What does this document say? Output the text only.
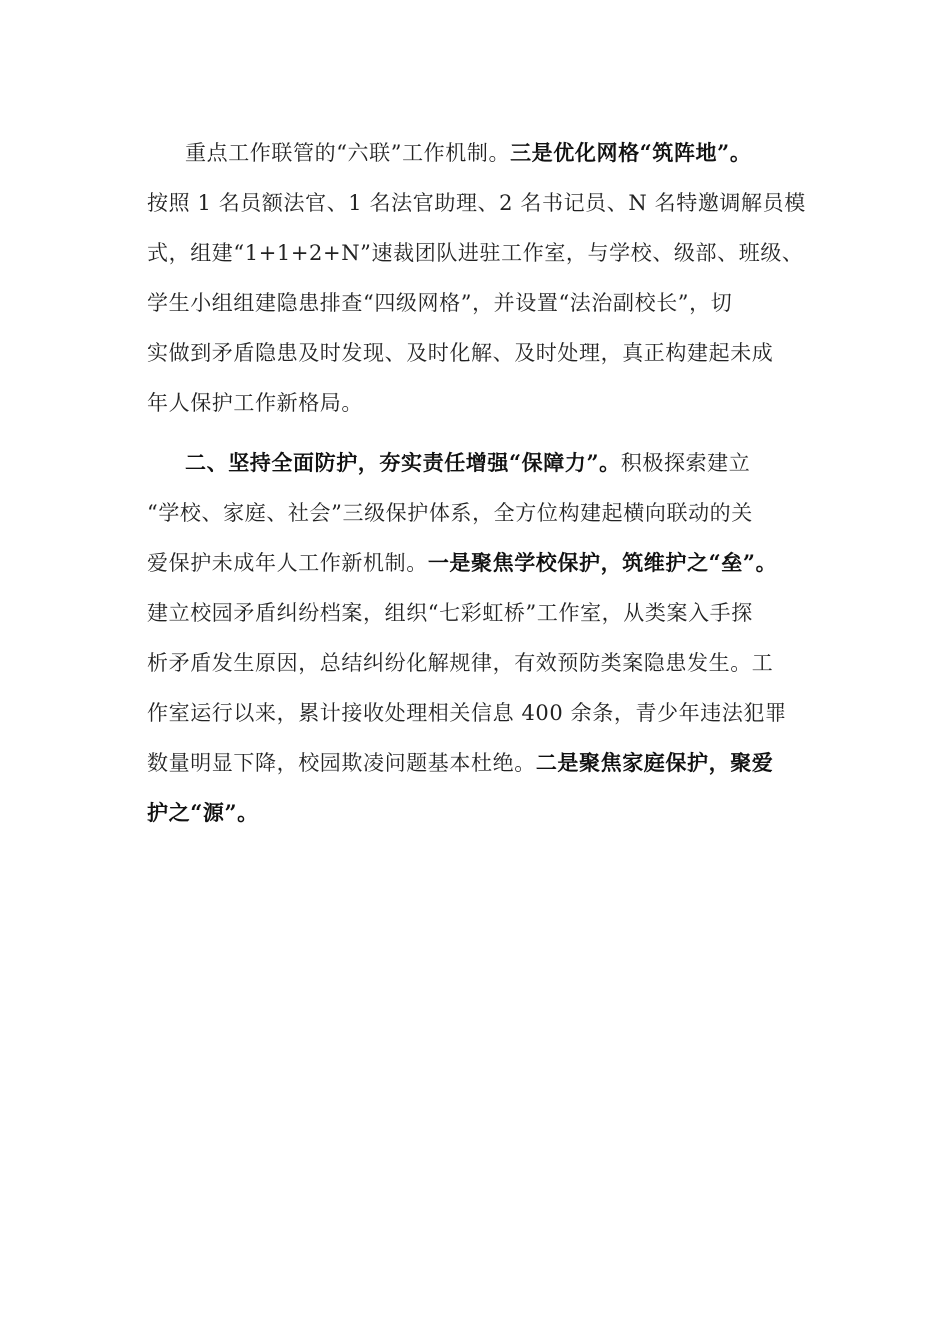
重点工作联管的“六联”工作机制。三是优化网格“筑阵地”。
按照 1 名员额法官、1 名法官助理、2 名书记员、N 名特邀调解员模
式，组建“1+1+2+N”速裁团队进驻工作室，与学校、级部、班级、
学生小组组建隐患排查“四级网格”，并设置“法治副校长”，切
实做到矛盾隐患及时发现、及时化解、及时处理，真正构建起未成
年人保护工作新格局。
二、坚持全面防护，夯实责任增强“保障力”。积极探索建立
“学校、家庭、社会”三级保护体系，全方位构建起横向联动的关
爱保护未成年人工作新机制。一是聚焦学校保护，筑维护之“垒”。
建立校园矛盾纠纷档案，组织“七彩虹桥”工作室，从类案入手探
析矛盾发生原因，总结纠纷化解规律，有效预防类案隐患发生。工
作室运行以来，累计接收处理相关信息 400 余条，青少年违法犯罪
数量明显下降，校园欺凌问题基本杜绝。二是聚焦家庭保护，聚爱
护之“源”。
